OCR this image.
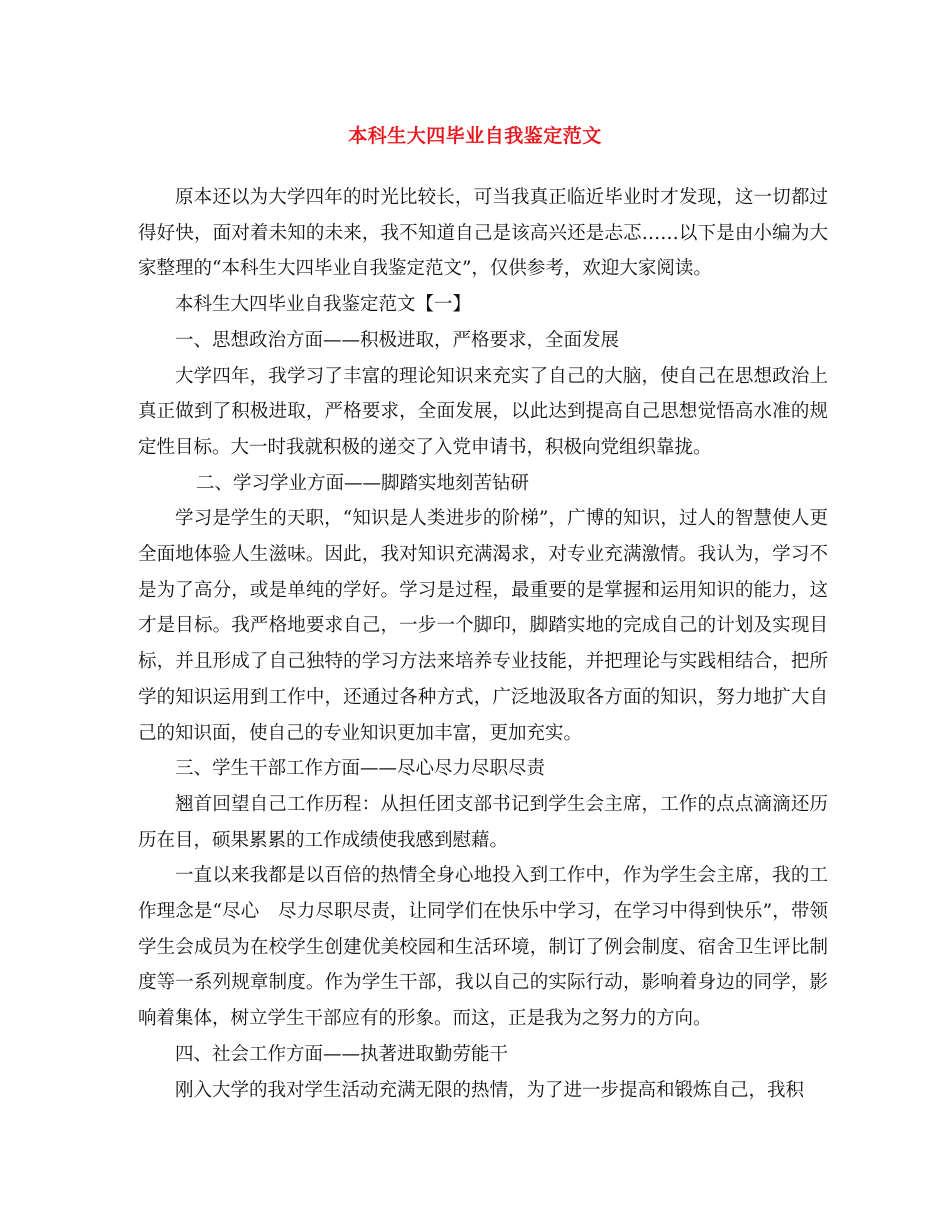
本科生大四毕业自我鉴定范文

原本还以为大学四年的时光比较长，可当我真正临近毕业时才发现，这一切都过得好快，面对着未知的未来，我不知道自己是该高兴还是忐忑……以下是由小编为大家整理的“本科生大四毕业自我鉴定范文”，仅供参考，欢迎大家阅读。

本科生大四毕业自我鉴定范文【一】

一、思想政治方面——积极进取，严格要求，全面发展

大学四年，我学习了丰富的理论知识来充实了自己的大脑，使自己在思想政治上真正做到了积极进取，严格要求，全面发展，以此达到提高自己思想觉悟高水准的规定性目标。大一时我就积极的递交了入党申请书，积极向党组织靠拢。

二、学习学业方面——脚踏实地刻苦钻研

学习是学生的天职，“知识是人类进步的阶梯”，广博的知识，过人的智慧使人更全面地体验人生滋味。因此，我对知识充满渴求，对专业充满激情。我认为，学习不是为了高分，或是单纯的学好。学习是过程，最重要的是掌握和运用知识的能力，这才是目标。我严格地要求自己，一步一个脚印，脚踏实地的完成自己的计划及实现目标，并且形成了自己独特的学习方法来培养专业技能，并把理论与实践相结合，把所学的知识运用到工作中，还通过各种方式，广泛地汲取各方面的知识，努力地扩大自己的知识面，使自己的专业知识更加丰富，更加充实。

三、学生干部工作方面——尽心尽力尽职尽责

翘首回望自己工作历程：从担任团支部书记到学生会主席，工作的点点滴滴还历历在目，硕果累累的工作成绩使我感到慰藉。

一直以来我都是以百倍的热情全身心地投入到工作中，作为学生会主席，我的工作理念是“尽心　尽力尽职尽责，让同学们在快乐中学习，在学习中得到快乐”，带领学生会成员为在校学生创建优美校园和生活环境，制订了例会制度、宿舍卫生评比制度等一系列规章制度。作为学生干部，我以自己的实际行动，影响着身边的同学，影响着集体，树立学生干部应有的形象。而这，正是我为之努力的方向。

四、社会工作方面——执著进取勤劳能干

刚入大学的我对学生活动充满无限的热情，为了进一步提高和锻炼自己，我积
